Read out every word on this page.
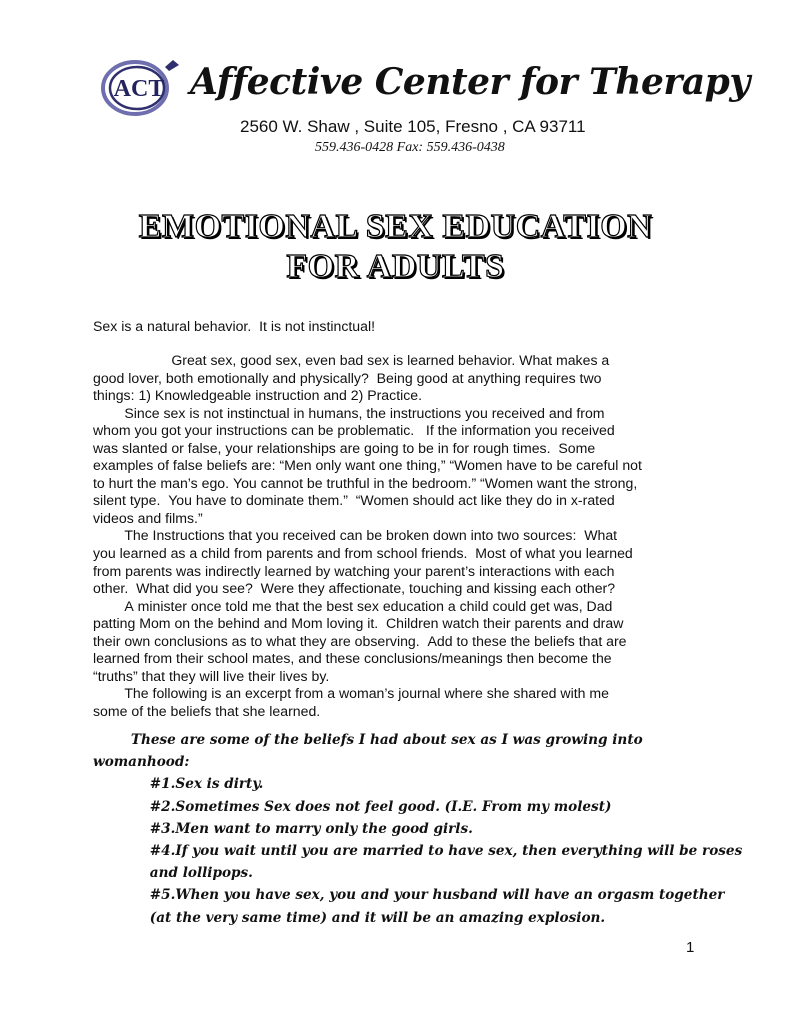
ACT Affective Center for Therapy
2560 W. Shaw , Suite 105, Fresno , CA 93711
559.436-0428 Fax: 559.436-0438
EMOTIONAL SEX EDUCATION
FOR ADULTS
Sex is a natural behavior.  It is not instinctual!
Great sex, good sex, even bad sex is learned behavior. What makes a
good lover, both emotionally and physically?  Being good at anything requires two
things: 1) Knowledgeable instruction and 2) Practice.
Since sex is not instinctual in humans, the instructions you received and from
whom you got your instructions can be problematic.   If the information you received
was slanted or false, your relationships are going to be in for rough times.  Some
examples of false beliefs are: “Men only want one thing,” “Women have to be careful not
to hurt the man’s ego. You cannot be truthful in the bedroom.” “Women want the strong,
silent type.  You have to dominate them.”  “Women should act like they do in x-rated
videos and films.”
The Instructions that you received can be broken down into two sources:  What
you learned as a child from parents and from school friends.  Most of what you learned
from parents was indirectly learned by watching your parent’s interactions with each
other.  What did you see?  Were they affectionate, touching and kissing each other?
A minister once told me that the best sex education a child could get was, Dad
patting Mom on the behind and Mom loving it.  Children watch their parents and draw
their own conclusions as to what they are observing.  Add to these the beliefs that are
learned from their school mates, and these conclusions/meanings then become the
“truths” that they will live their lives by.
The following is an excerpt from a woman’s journal where she shared with me
some of the beliefs that she learned.
These are some of the beliefs I had about sex as I was growing into
womanhood:
#1.Sex is dirty.
#2.Sometimes Sex does not feel good. (I.E. From my molest)
#3.Men want to marry only the good girls.
#4.If you wait until you are married to have sex, then everything will be roses
and lollipops.
#5.When you have sex, you and your husband will have an orgasm together
(at the very same time) and it will be an amazing explosion.
1
